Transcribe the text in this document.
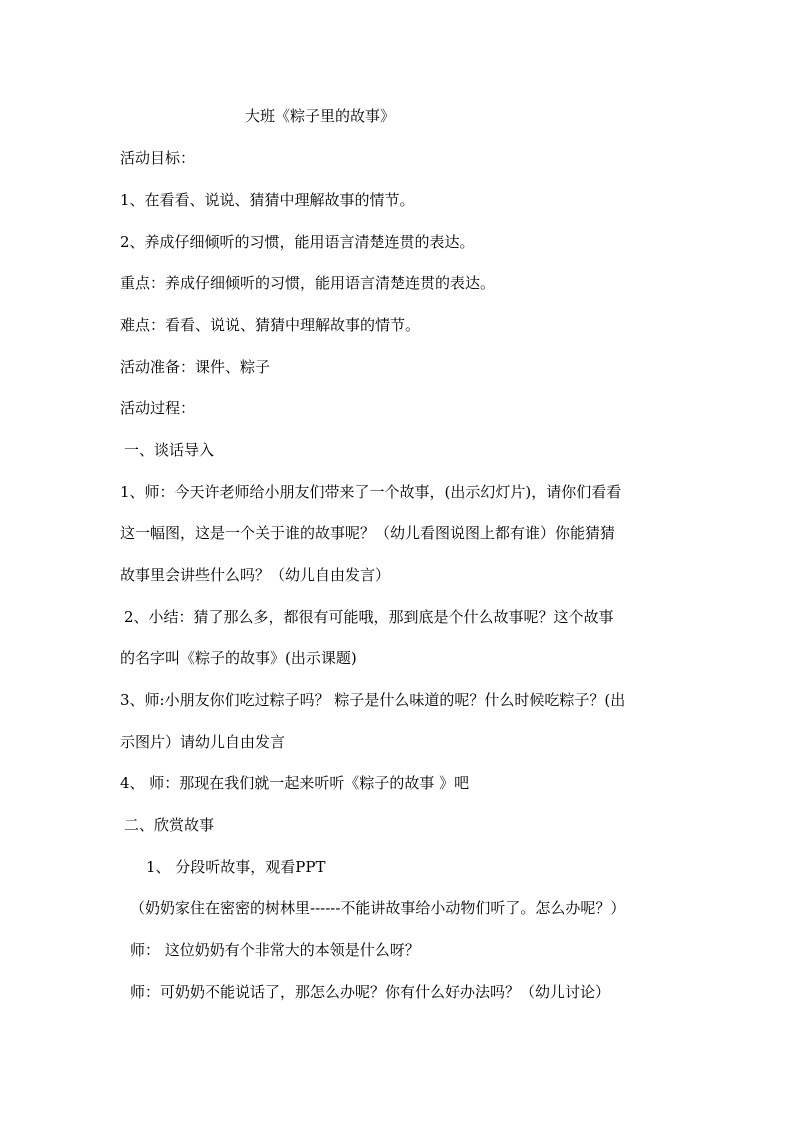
大班《粽子里的故事》
活动目标：
1、在看看、说说、猜猜中理解故事的情节。
2、养成仔细倾听的习惯，能用语言清楚连贯的表达。
重点：养成仔细倾听的习惯，能用语言清楚连贯的表达。
难点：看看、说说、猜猜中理解故事的情节。
活动准备：课件、粽子
活动过程：
一、谈话导入
1、师：今天许老师给小朋友们带来了一个故事，(出示幻灯片)，请你们看看
这一幅图，这是一个关于谁的故事呢？（幼儿看图说图上都有谁）你能猜猜
故事里会讲些什么吗？（幼儿自由发言）
2、小结：猜了那么多，都很有可能哦，那到底是个什么故事呢？这个故事
的名字叫《粽子的故事》(出示课题)
3、师:小朋友你们吃过粽子吗？ 粽子是什么味道的呢？什么时候吃粽子？(出
示图片）请幼儿自由发言
4、 师：那现在我们就一起来听听《粽子的故事 》吧
二、欣赏故事
1、 分段听故事，观看PPT
（奶奶家住在密密的树林里------不能讲故事给小动物们听了。怎么办呢？）
师： 这位奶奶有个非常大的本领是什么呀？
师：可奶奶不能说话了，那怎么办呢？你有什么好办法吗？（幼儿讨论）
